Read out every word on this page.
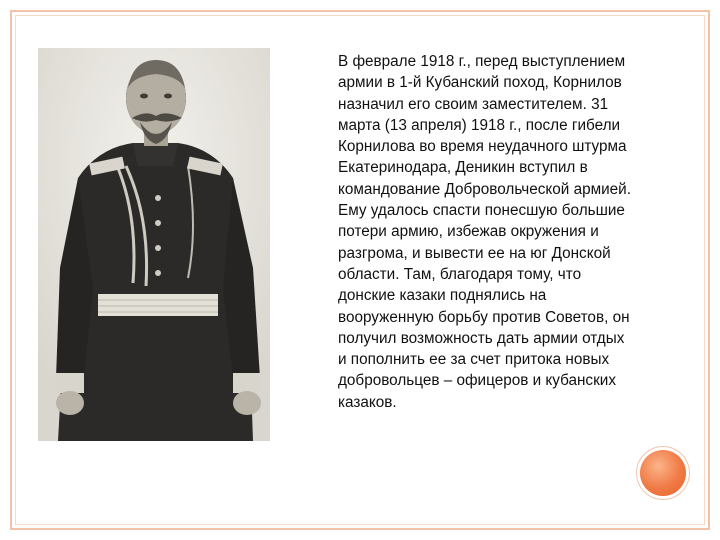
В феврале 1918 г., перед выступлением
армии в 1-й Кубанский поход, Корнилов
назначил его своим заместителем. 31
марта (13 апреля) 1918 г., после гибели
Корнилова во время неудачного штурма
Екатеринодара, Деникин вступил в
командование Добровольческой армией.
Ему удалось спасти понесшую большие
потери армию, избежав окружения и
разгрома, и вывести ее на юг Донской
области. Там, благодаря тому, что
донские казаки поднялись на
вооруженную борьбу против Советов, он
получил возможность дать армии отдых
и пополнить ее за счет притока новых
добровольцев – офицеров и кубанских
казаков.
